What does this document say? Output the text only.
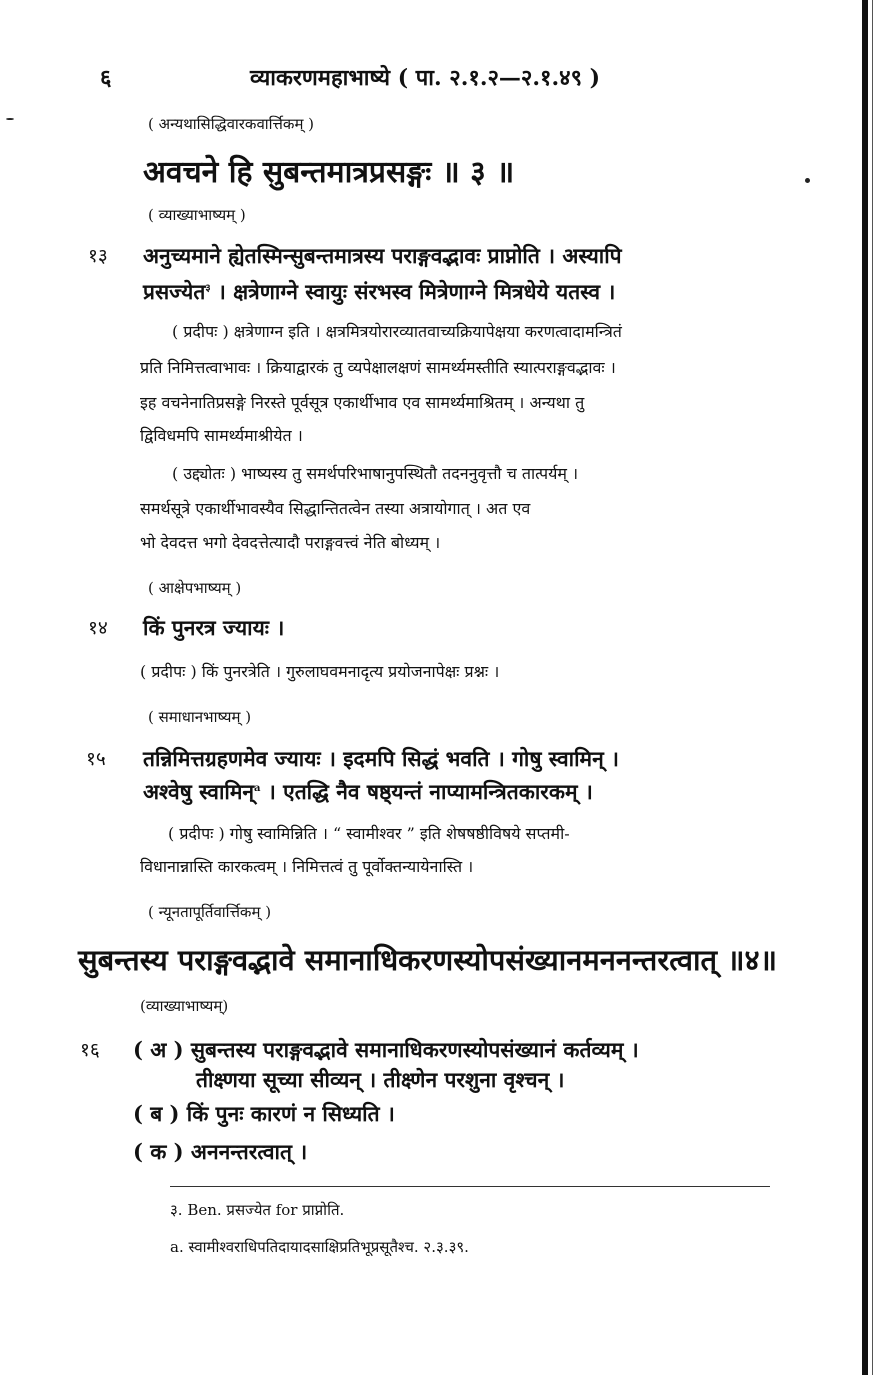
६	व्याकरणमहाभाष्ये ( पा. २.१.२—२.१.४९ )
( अन्यथासिद्धिवारकवार्त्तिकम् )
अवचने हि सुबन्तमात्रप्रसङ्गः ॥ ३ ॥
( व्याख्याभाष्यम् )
१३ अनुच्यमाने ह्येतस्मिन्सुबन्तमात्रस्य पराङ्गवद्भावः प्राप्नोति । अस्यापि
प्रसज्येत$^३$ । क्षत्रेणाग्ने स्वायुः संरभस्व मित्रेणाग्ने मित्रधेये यतस्व ।
( प्रदीपः ) क्षत्रेणाग्न इति । क्षत्रमित्रयोरारव्यातवाच्यक्रियापेक्षया करणत्वादामन्त्रितं
प्रति निमित्तत्वाभावः । क्रियाद्वारकं तु व्यपेक्षालक्षणं सामर्थ्यमस्तीति स्यात्पराङ्गवद्भावः ।
इह वचनेनातिप्रसङ्गे निरस्ते पूर्वसूत्र एकार्थीभाव एव सामर्थ्यमाश्रितम् । अन्यथा तु
द्विविधमपि सामर्थ्यमाश्रीयेत ।
( उद्द्योतः ) भाष्यस्य तु समर्थपरिभाषानुपस्थितौ तदननुवृत्तौ च तात्पर्यम् ।
समर्थसूत्रे एकार्थीभावस्यैव सिद्धान्तितत्वेन तस्या अत्रायोगात् । अत एव
भो देवदत्त भगो देवदत्तेत्यादौ पराङ्गवत्त्वं नेति बोध्यम् ।
( आक्षेपभाष्यम् )
१४ किं पुनरत्र ज्यायः ।
( प्रदीपः ) किं पुनरत्रेति । गुरुलाघवमनादृत्य प्रयोजनापेक्षः प्रश्नः ।
( समाधानभाष्यम् )
१५ तन्निमित्तग्रहणमेव ज्यायः । इदमपि सिद्धं भवति । गोषु स्वामिन् ।
अश्वेषु स्वामिन्$^a$ । एतद्धि नैव षष्ठ्यन्तं नाप्यामन्त्रितकारकम् ।
( प्रदीपः ) गोषु स्वामिन्निति । “ स्वामीश्वर ” इति शेषषष्ठीविषये सप्तमी-
विधानान्नास्ति कारकत्वम् । निमित्तत्वं तु पूर्वोक्तन्यायेनास्ति ।
( न्यूनतापूर्तिवार्त्तिकम् )
सुबन्तस्य पराङ्गवद्भावे समानाधिकरणस्योपसंख्यानमननन्तरत्वात् ॥४॥
(व्याख्याभाष्यम्)
१६ ( अ ) सुबन्तस्य पराङ्गवद्भावे समानाधिकरणस्योपसंख्यानं कर्तव्यम् ।
तीक्ष्णया सूच्या सीव्यन् । तीक्ष्णेन परशुना वृश्चन् ।
( ब ) किं पुनः कारणं न सिध्यति ।
( क ) अननन्तरत्वात् ।
३. Ben. प्रसज्येत for प्राप्नोति.
a. स्वामीश्वराधिपतिदायादसाक्षिप्रतिभूप्रसूतैश्च. २.३.३९.
